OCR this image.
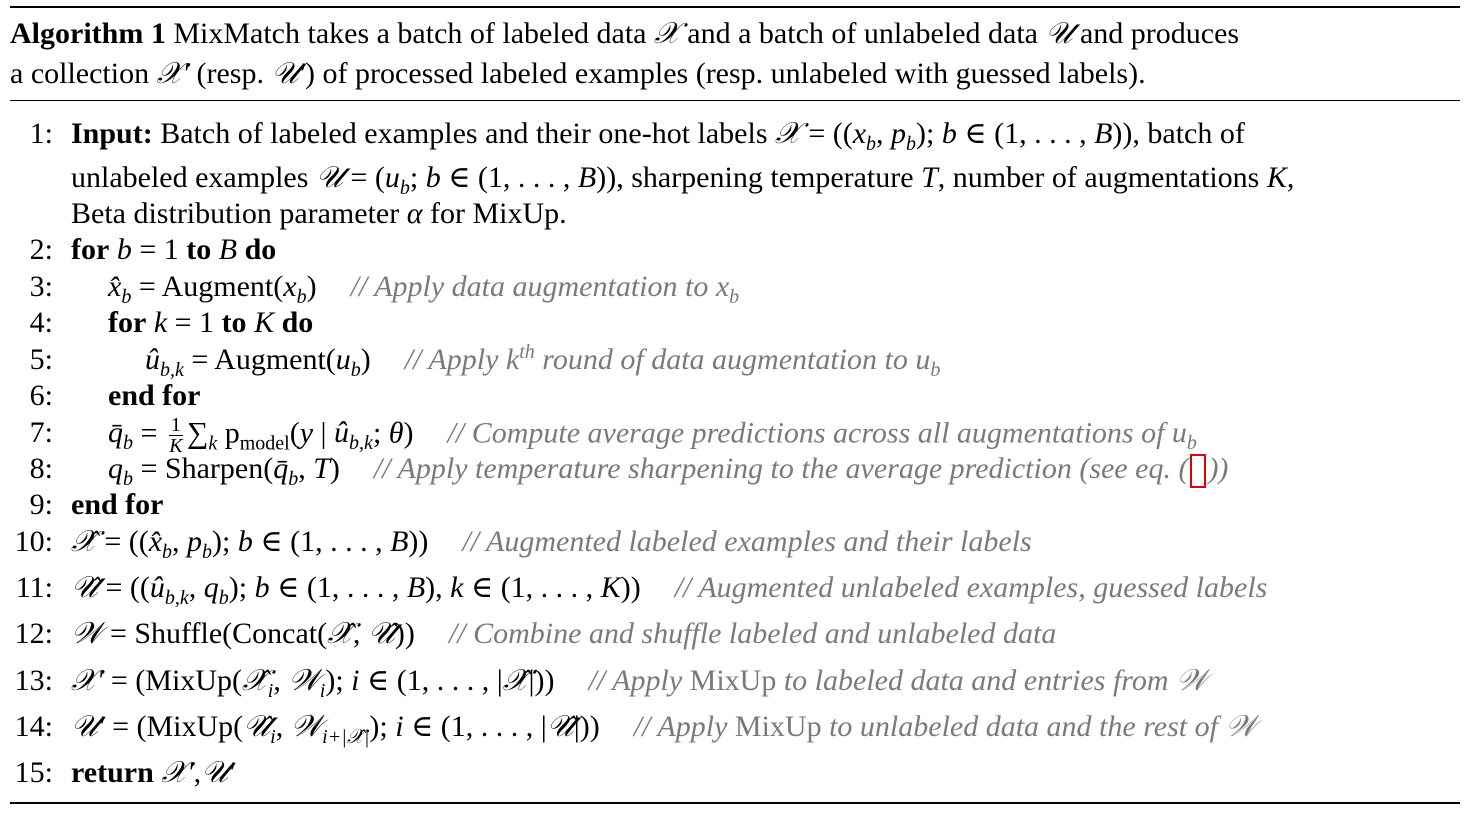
Algorithm 1 MixMatch takes a batch of labeled data 𝒳 and a batch of unlabeled data 𝒰 and produces
a collection 𝒳′ (resp. 𝒰′) of processed labeled examples (resp. unlabeled with guessed labels).
1: Input: Batch of labeled examples and their one-hot labels 𝒳 = (($x_b$, $p_b$); b ∈ (1, . . . , B)), batch of
unlabeled examples 𝒰 = ($u_b$; b ∈ (1, . . . , B)), sharpening temperature T, number of augmentations K,
Beta distribution parameter α for MixUp.
2: for b = 1 to B do
3: $x̂_b$ = $Augment(x_b)$ // Apply data augmentation to $x_b$
4: for k = 1 to K do
5:	$û_{b,k}$ = $Augment(u_b)$ // Apply $k^{th}$ round of data augmentation to $u_b$
6: end for
7: $q̄_b = \frac{1}{K} \sum_k$ $p_{model}(y$ | $û_{b,k}$; θ) // Compute average predictions across all augmentations of $u_b$
8: $q_b$ = $Sharpen(q̄_b$, T) // Apply temperature sharpening to the average prediction (see eq. ( ))
9: end for
10: 𝒳̂ = (($x̂_b$, $p_b$); b ∈ (1, . . . , B)) // Augmented labeled examples and their labels
11: 𝒰̂ = (($û_{b,k}$, $q_b$); b ∈ (1, . . . , B), k ∈ (1, . . . , K)) // Augmented unlabeled examples, guessed labels
12: 𝒲 = Shuffle(Concat(𝒳̂, 𝒰̂)) // Combine and shuffle labeled and unlabeled data
13: 𝒳′ = ($MixUp(𝒳̂_i$, 𝒲$_i$); i ∈ (1, . . . , |𝒳̂|)) // Apply MixUp to labeled data and entries from 𝒲
14: 𝒰′ = ($MixUp(𝒰̂_i$, 𝒲$_{i+|𝒳̂|}$); i ∈ (1, . . . , |𝒰̂|)) // Apply MixUp to unlabeled data and the rest of 𝒲
15: return 𝒳′,𝒰′
